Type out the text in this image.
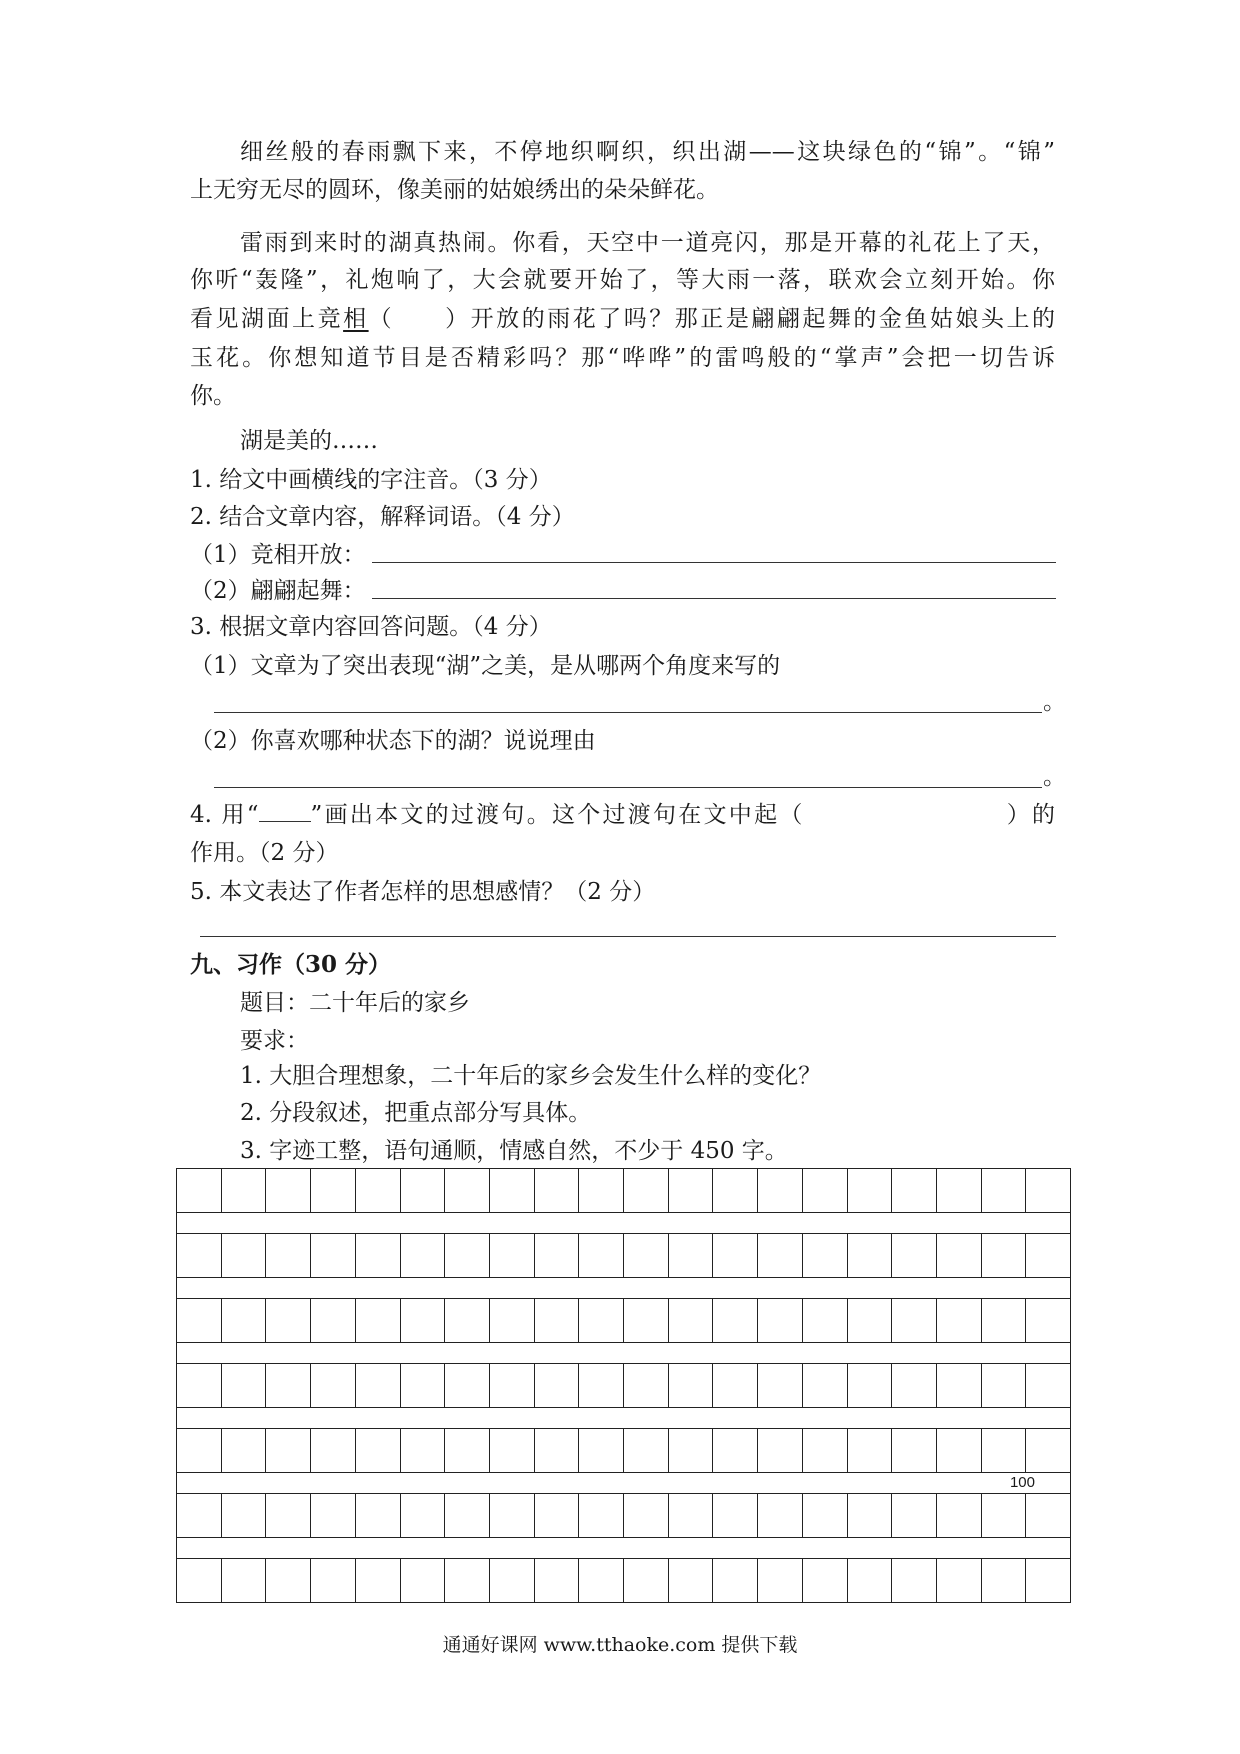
细丝般的春雨飘下来，不停地织啊织，织出湖——这块绿色的“锦”。“锦”
上无穷无尽的圆环，像美丽的姑娘绣出的朵朵鲜花。
雷雨到来时的湖真热闹。你看，天空中一道亮闪，那是开幕的礼花上了天，
你听“轰隆”，礼炮响了，大会就要开始了，等大雨一落，联欢会立刻开始。你
看见湖面上竞相（　　）开放的雨花了吗？那正是翩翩起舞的金鱼姑娘头上的
玉花。你想知道节目是否精彩吗？那“哗哗”的雷鸣般的“掌声”会把一切告诉
你。
湖是美的……
1. 给文中画横线的字注音。（3 分）
2. 结合文章内容，解释词语。（4 分）
（1）竞相开放：
（2）翩翩起舞：
3. 根据文章内容回答问题。（4 分）
（1）文章为了突出表现“湖”之美，是从哪两个角度来写的
。
（2）你喜欢哪种状态下的湖？说说理由
。
4. 用“ ”画出本文的过渡句。这个过渡句在文中起（　　　　　　　　）的
作用。（2 分）
5. 本文表达了作者怎样的思想感情？（2 分）
九、习作（30 分）
题目：二十年后的家乡
要求：
1. 大胆合理想象，二十年后的家乡会发生什么样的变化？
2. 分段叙述，把重点部分写具体。
3. 字迹工整，语句通顺，情感自然，不少于 450 字。
100
通通好课网 www.tthaoke.com 提供下载
